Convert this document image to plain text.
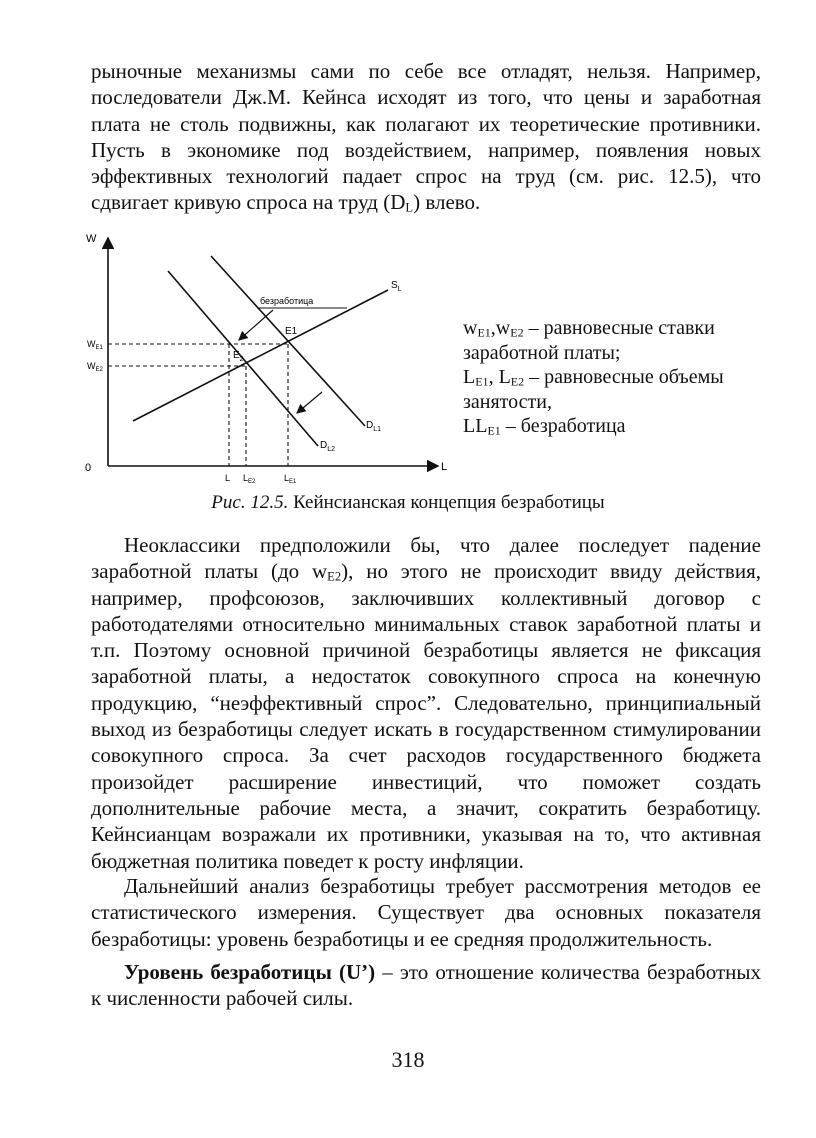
рыночные механизмы сами по себе все отладят, нельзя. Например, последователи Дж.М. Кейнса исходят из того, что цены и заработная плата не столь подвижны, как полагают их теоретические противники. Пусть в экономике под воздействием, например, появления новых эффективных технологий падает спрос на труд (см. рис. 12.5), что сдвигает кривую спроса на труд $(D_L)$ влево.

W
L
0
$S_L$
$D_{L1}$
$D_{L2}$
$W_{E1}$
$W_{E2}$
L $L_{E2}$	$L_{E1}$
E1
$E_2$
безработица
$w_{E1},w_{E2}$ – равновесные ставки заработной платы;
$L_{E1}$, $L_{E2}$ – равновесные объемы занятости,
$LL_{E1}$ – безработица
Рис. 12.5. Кейнсианская концепция безработицы

Неоклассики предположили бы, что далее последует падение заработной платы (до $w_{E2}$), но этого не происходит ввиду действия, например, профсоюзов, заключивших коллективный договор с работодателями относительно минимальных ставок заработной платы и т.п. Поэтому основной причиной безработицы является не фиксация заработной платы, а недостаток совокупного спроса на конечную продукцию, “неэффективный спрос”. Следовательно, принципиальный выход из безработицы следует искать в государственном стимулировании совокупного спроса. За счет расходов государственного бюджета произойдет расширение инвестиций, что поможет создать дополнительные рабочие места, а значит, сократить безработицу. Кейнсианцам возражали их противники, указывая на то, что активная бюджетная политика поведет к росту инфляции.

Дальнейший анализ безработицы требует рассмотрения методов ее статистического измерения. Существует два основных показателя безработицы: уровень безработицы и ее средняя продолжительность.

Уровень безработицы (U’) – это отношение количества безработных к численности рабочей силы.

318
